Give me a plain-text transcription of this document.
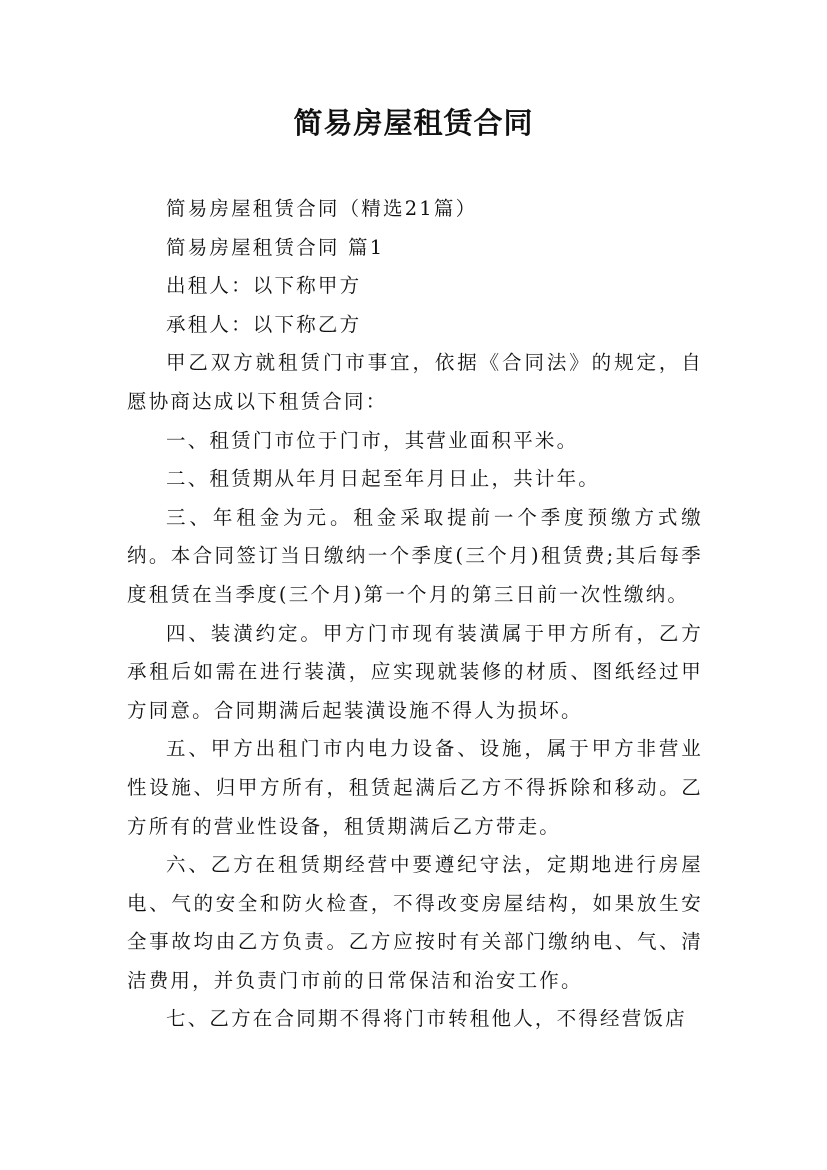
简易房屋租赁合同

简易房屋租赁合同（精选21篇）

简易房屋租赁合同 篇1

出租人：以下称甲方

承租人：以下称乙方

甲乙双方就租赁门市事宜，依据《合同法》的规定，自愿协商达成以下租赁合同：

一、租赁门市位于门市，其营业面积平米。

二、租赁期从年月日起至年月日止，共计年。

三、年租金为元。租金采取提前一个季度预缴方式缴纳。本合同签订当日缴纳一个季度(三个月)租赁费;其后每季度租赁在当季度(三个月)第一个月的第三日前一次性缴纳。

四、装潢约定。甲方门市现有装潢属于甲方所有，乙方承租后如需在进行装潢，应实现就装修的材质、图纸经过甲方同意。合同期满后起装潢设施不得人为损坏。

五、甲方出租门市内电力设备、设施，属于甲方非营业性设施、归甲方所有，租赁起满后乙方不得拆除和移动。乙方所有的营业性设备，租赁期满后乙方带走。

六、乙方在租赁期经营中要遵纪守法，定期地进行房屋电、气的安全和防火检查，不得改变房屋结构，如果放生安全事故均由乙方负责。乙方应按时有关部门缴纳电、气、清洁费用，并负责门市前的日常保洁和治安工作。

七、乙方在合同期不得将门市转租他人，不得经营饭店
